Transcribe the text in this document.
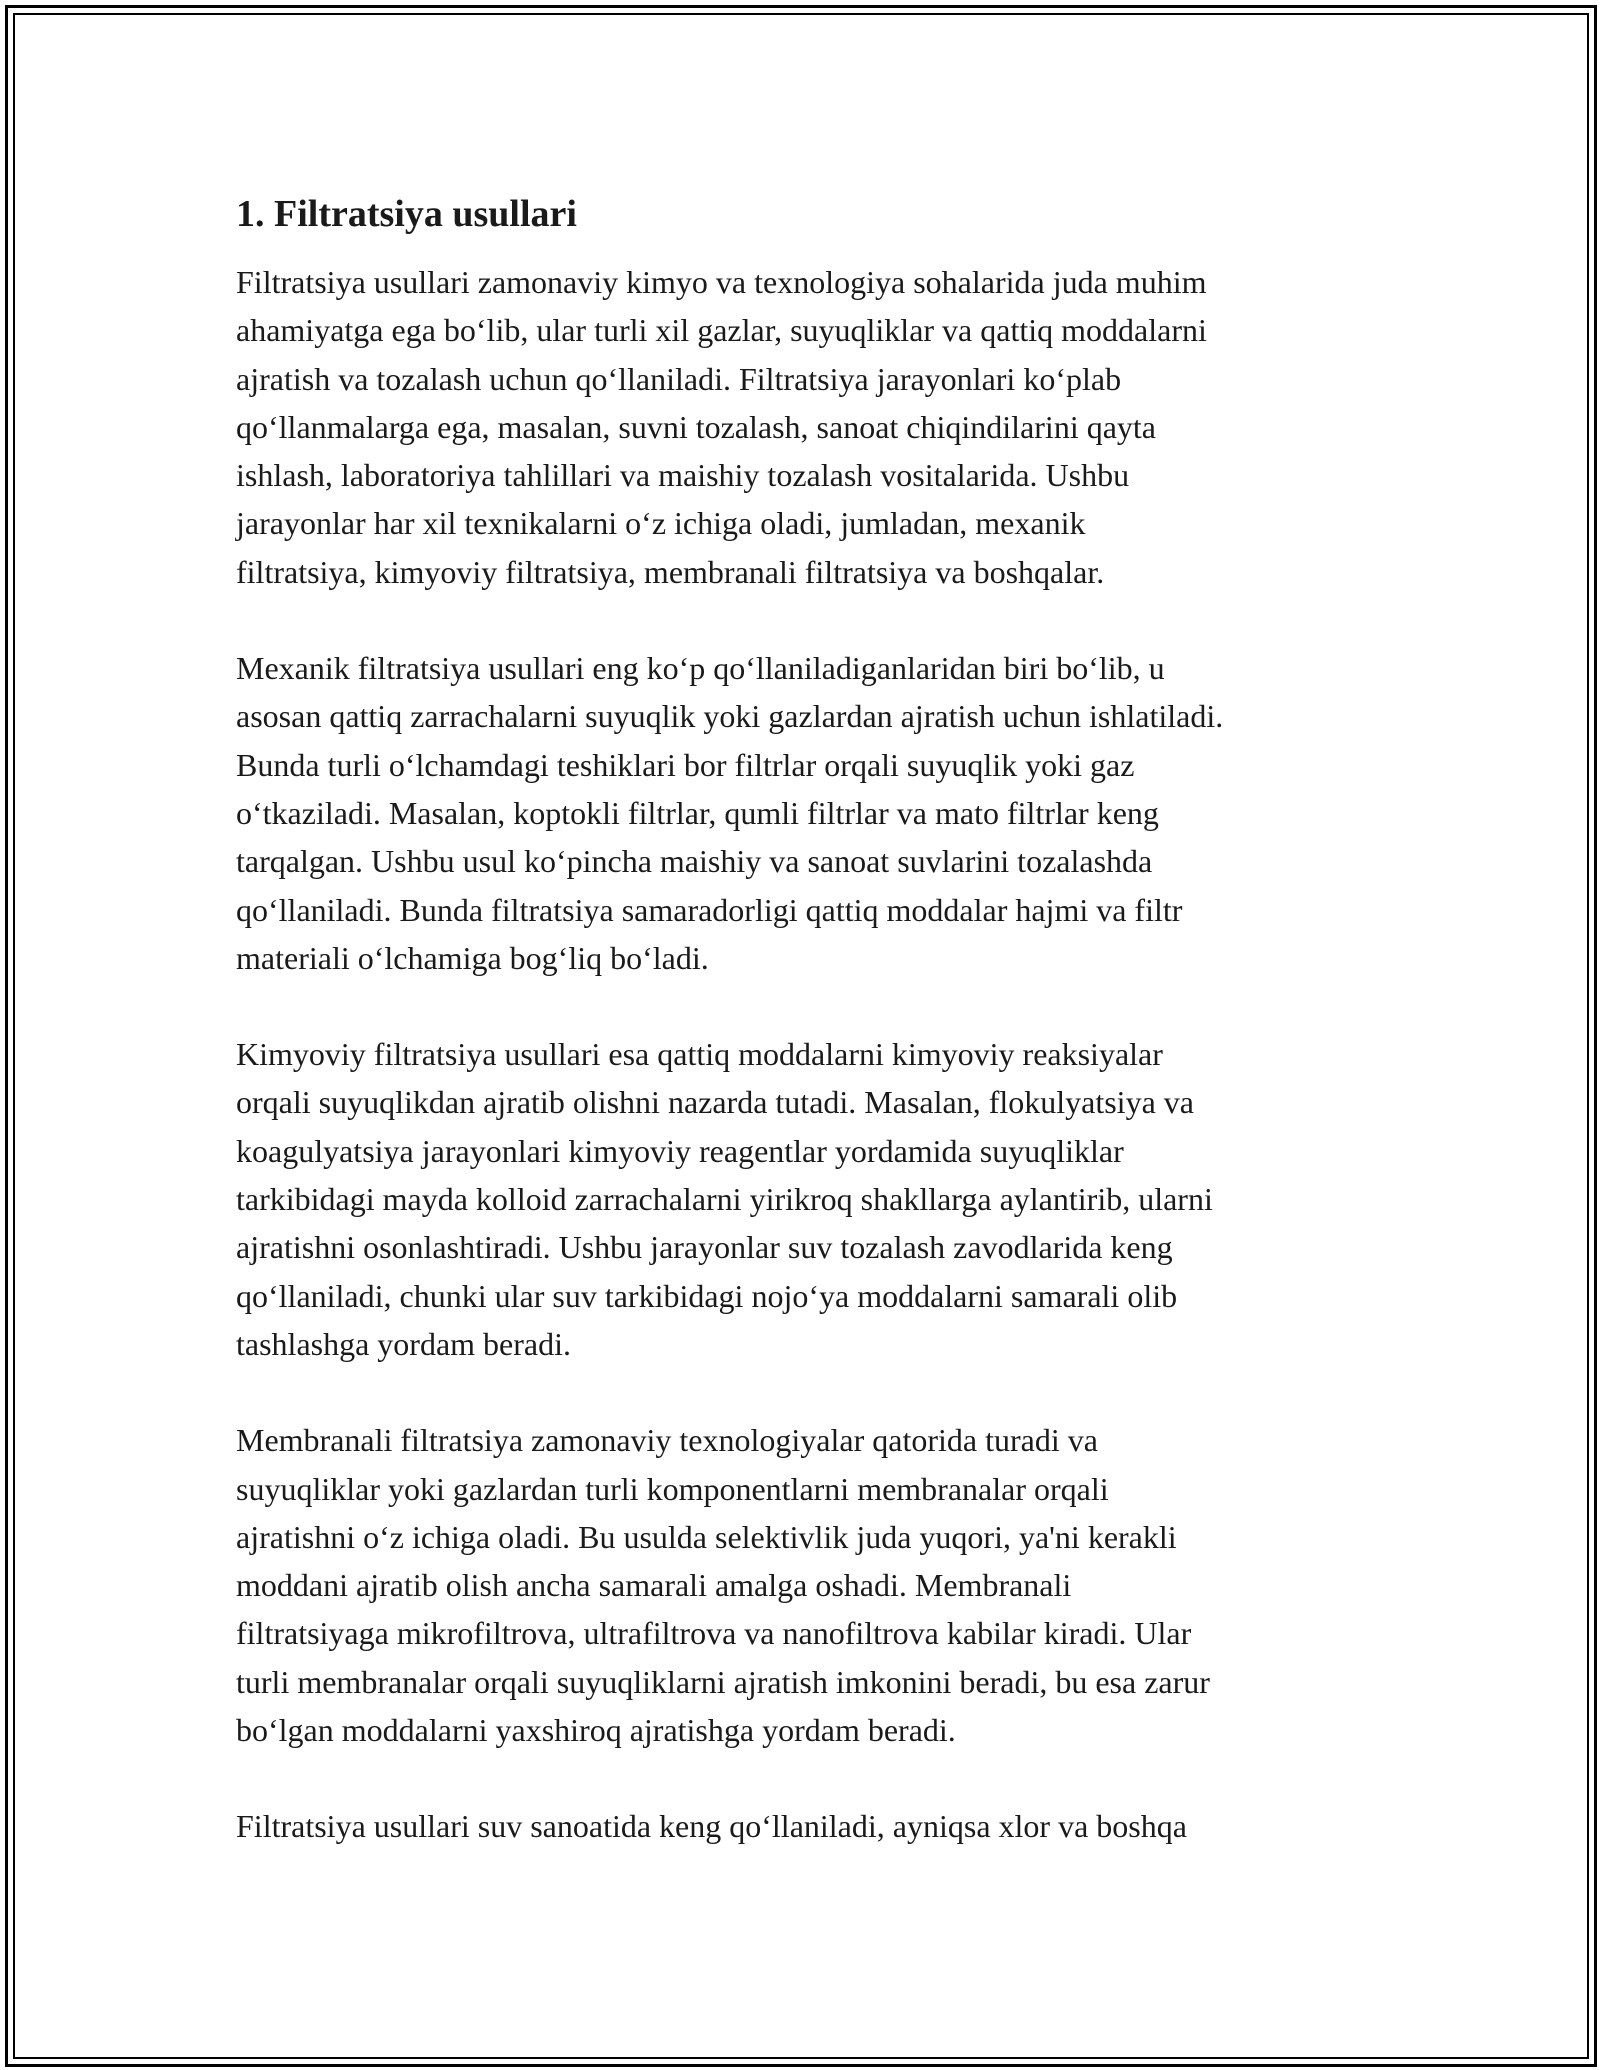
1. Filtratsiya usullari

Filtratsiya usullari zamonaviy kimyo va texnologiya sohalarida juda muhim
ahamiyatga ega bo‘lib, ular turli xil gazlar, suyuqliklar va qattiq moddalarni
ajratish va tozalash uchun qo‘llaniladi. Filtratsiya jarayonlari ko‘plab
qo‘llanmalarga ega, masalan, suvni tozalash, sanoat chiqindilarini qayta
ishlash, laboratoriya tahlillari va maishiy tozalash vositalarida. Ushbu
jarayonlar har xil texnikalarni o‘z ichiga oladi, jumladan, mexanik
filtratsiya, kimyoviy filtratsiya, membranali filtratsiya va boshqalar.

Mexanik filtratsiya usullari eng ko‘p qo‘llaniladiganlaridan biri bo‘lib, u
asosan qattiq zarrachalarni suyuqlik yoki gazlardan ajratish uchun ishlatiladi.
Bunda turli o‘lchamdagi teshiklari bor filtrlar orqali suyuqlik yoki gaz
o‘tkaziladi. Masalan, koptokli filtrlar, qumli filtrlar va mato filtrlar keng
tarqalgan. Ushbu usul ko‘pincha maishiy va sanoat suvlarini tozalashda
qo‘llaniladi. Bunda filtratsiya samaradorligi qattiq moddalar hajmi va filtr
materiali o‘lchamiga bog‘liq bo‘ladi.

Kimyoviy filtratsiya usullari esa qattiq moddalarni kimyoviy reaksiyalar
orqali suyuqlikdan ajratib olishni nazarda tutadi. Masalan, flokulyatsiya va
koagulyatsiya jarayonlari kimyoviy reagentlar yordamida suyuqliklar
tarkibidagi mayda kolloid zarrachalarni yirikroq shakllarga aylantirib, ularni
ajratishni osonlashtiradi. Ushbu jarayonlar suv tozalash zavodlarida keng
qo‘llaniladi, chunki ular suv tarkibidagi nojo‘ya moddalarni samarali olib
tashlashga yordam beradi.

Membranali filtratsiya zamonaviy texnologiyalar qatorida turadi va
suyuqliklar yoki gazlardan turli komponentlarni membranalar orqali
ajratishni o‘z ichiga oladi. Bu usulda selektivlik juda yuqori, ya'ni kerakli
moddani ajratib olish ancha samarali amalga oshadi. Membranali
filtratsiyaga mikrofiltrova, ultrafiltrova va nanofiltrova kabilar kiradi. Ular
turli membranalar orqali suyuqliklarni ajratish imkonini beradi, bu esa zarur
bo‘lgan moddalarni yaxshiroq ajratishga yordam beradi.

Filtratsiya usullari suv sanoatida keng qo‘llaniladi, ayniqsa xlor va boshqa
